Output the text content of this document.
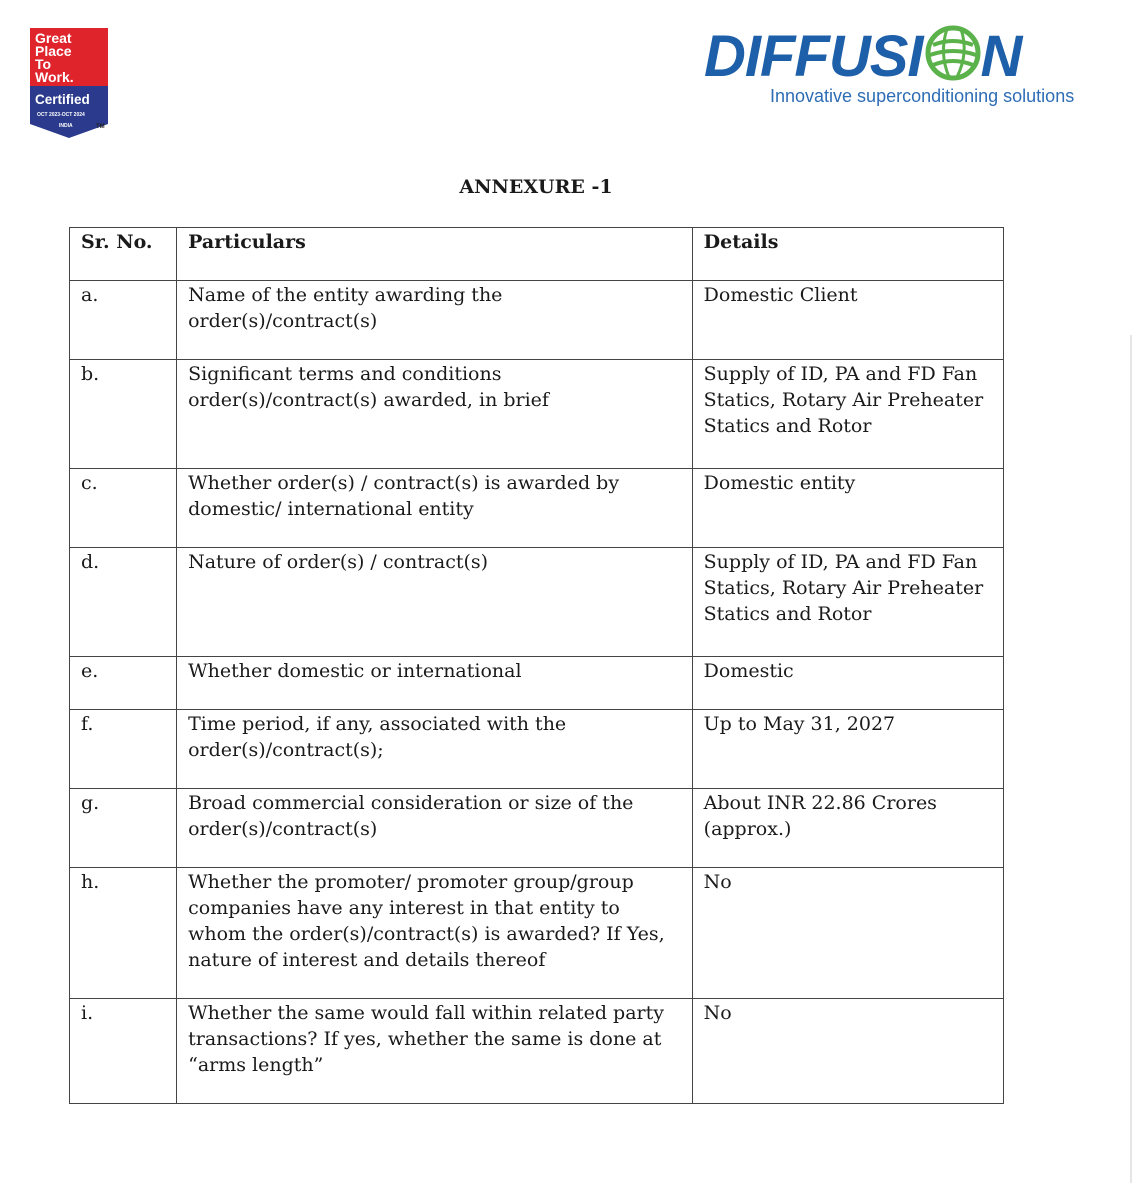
Great
Place
To
Work.
Certified
OCT 2023-OCT 2024
INDIA	TM
DIFFUSI N
Innovative superconditioning solutions
ANNEXURE -1
Sr. No.	Particulars	Details
a.	Name of the entity awarding the order(s)/contract(s)	Domestic Client
b.	Significant terms and conditions order(s)/contract(s) awarded, in brief	Supply of ID, PA and FD Fan Statics, Rotary Air Preheater Statics and Rotor
c.	Whether order(s) / contract(s) is awarded by domestic/ international entity	Domestic entity
d.	Nature of order(s) / contract(s)	Supply of ID, PA and FD Fan Statics, Rotary Air Preheater Statics and Rotor
e.	Whether domestic or international	Domestic
f.	Time period, if any, associated with the order(s)/contract(s);	Up to May 31, 2027
g.	Broad commercial consideration or size of the order(s)/contract(s)	About INR 22.86 Crores (approx.)
h.	Whether the promoter/ promoter group/group companies have any interest in that entity to whom the order(s)/contract(s) is awarded? If Yes, nature of interest and details thereof	No
i.	Whether the same would fall within related party transactions? If yes, whether the same is done at “arms length”	No
